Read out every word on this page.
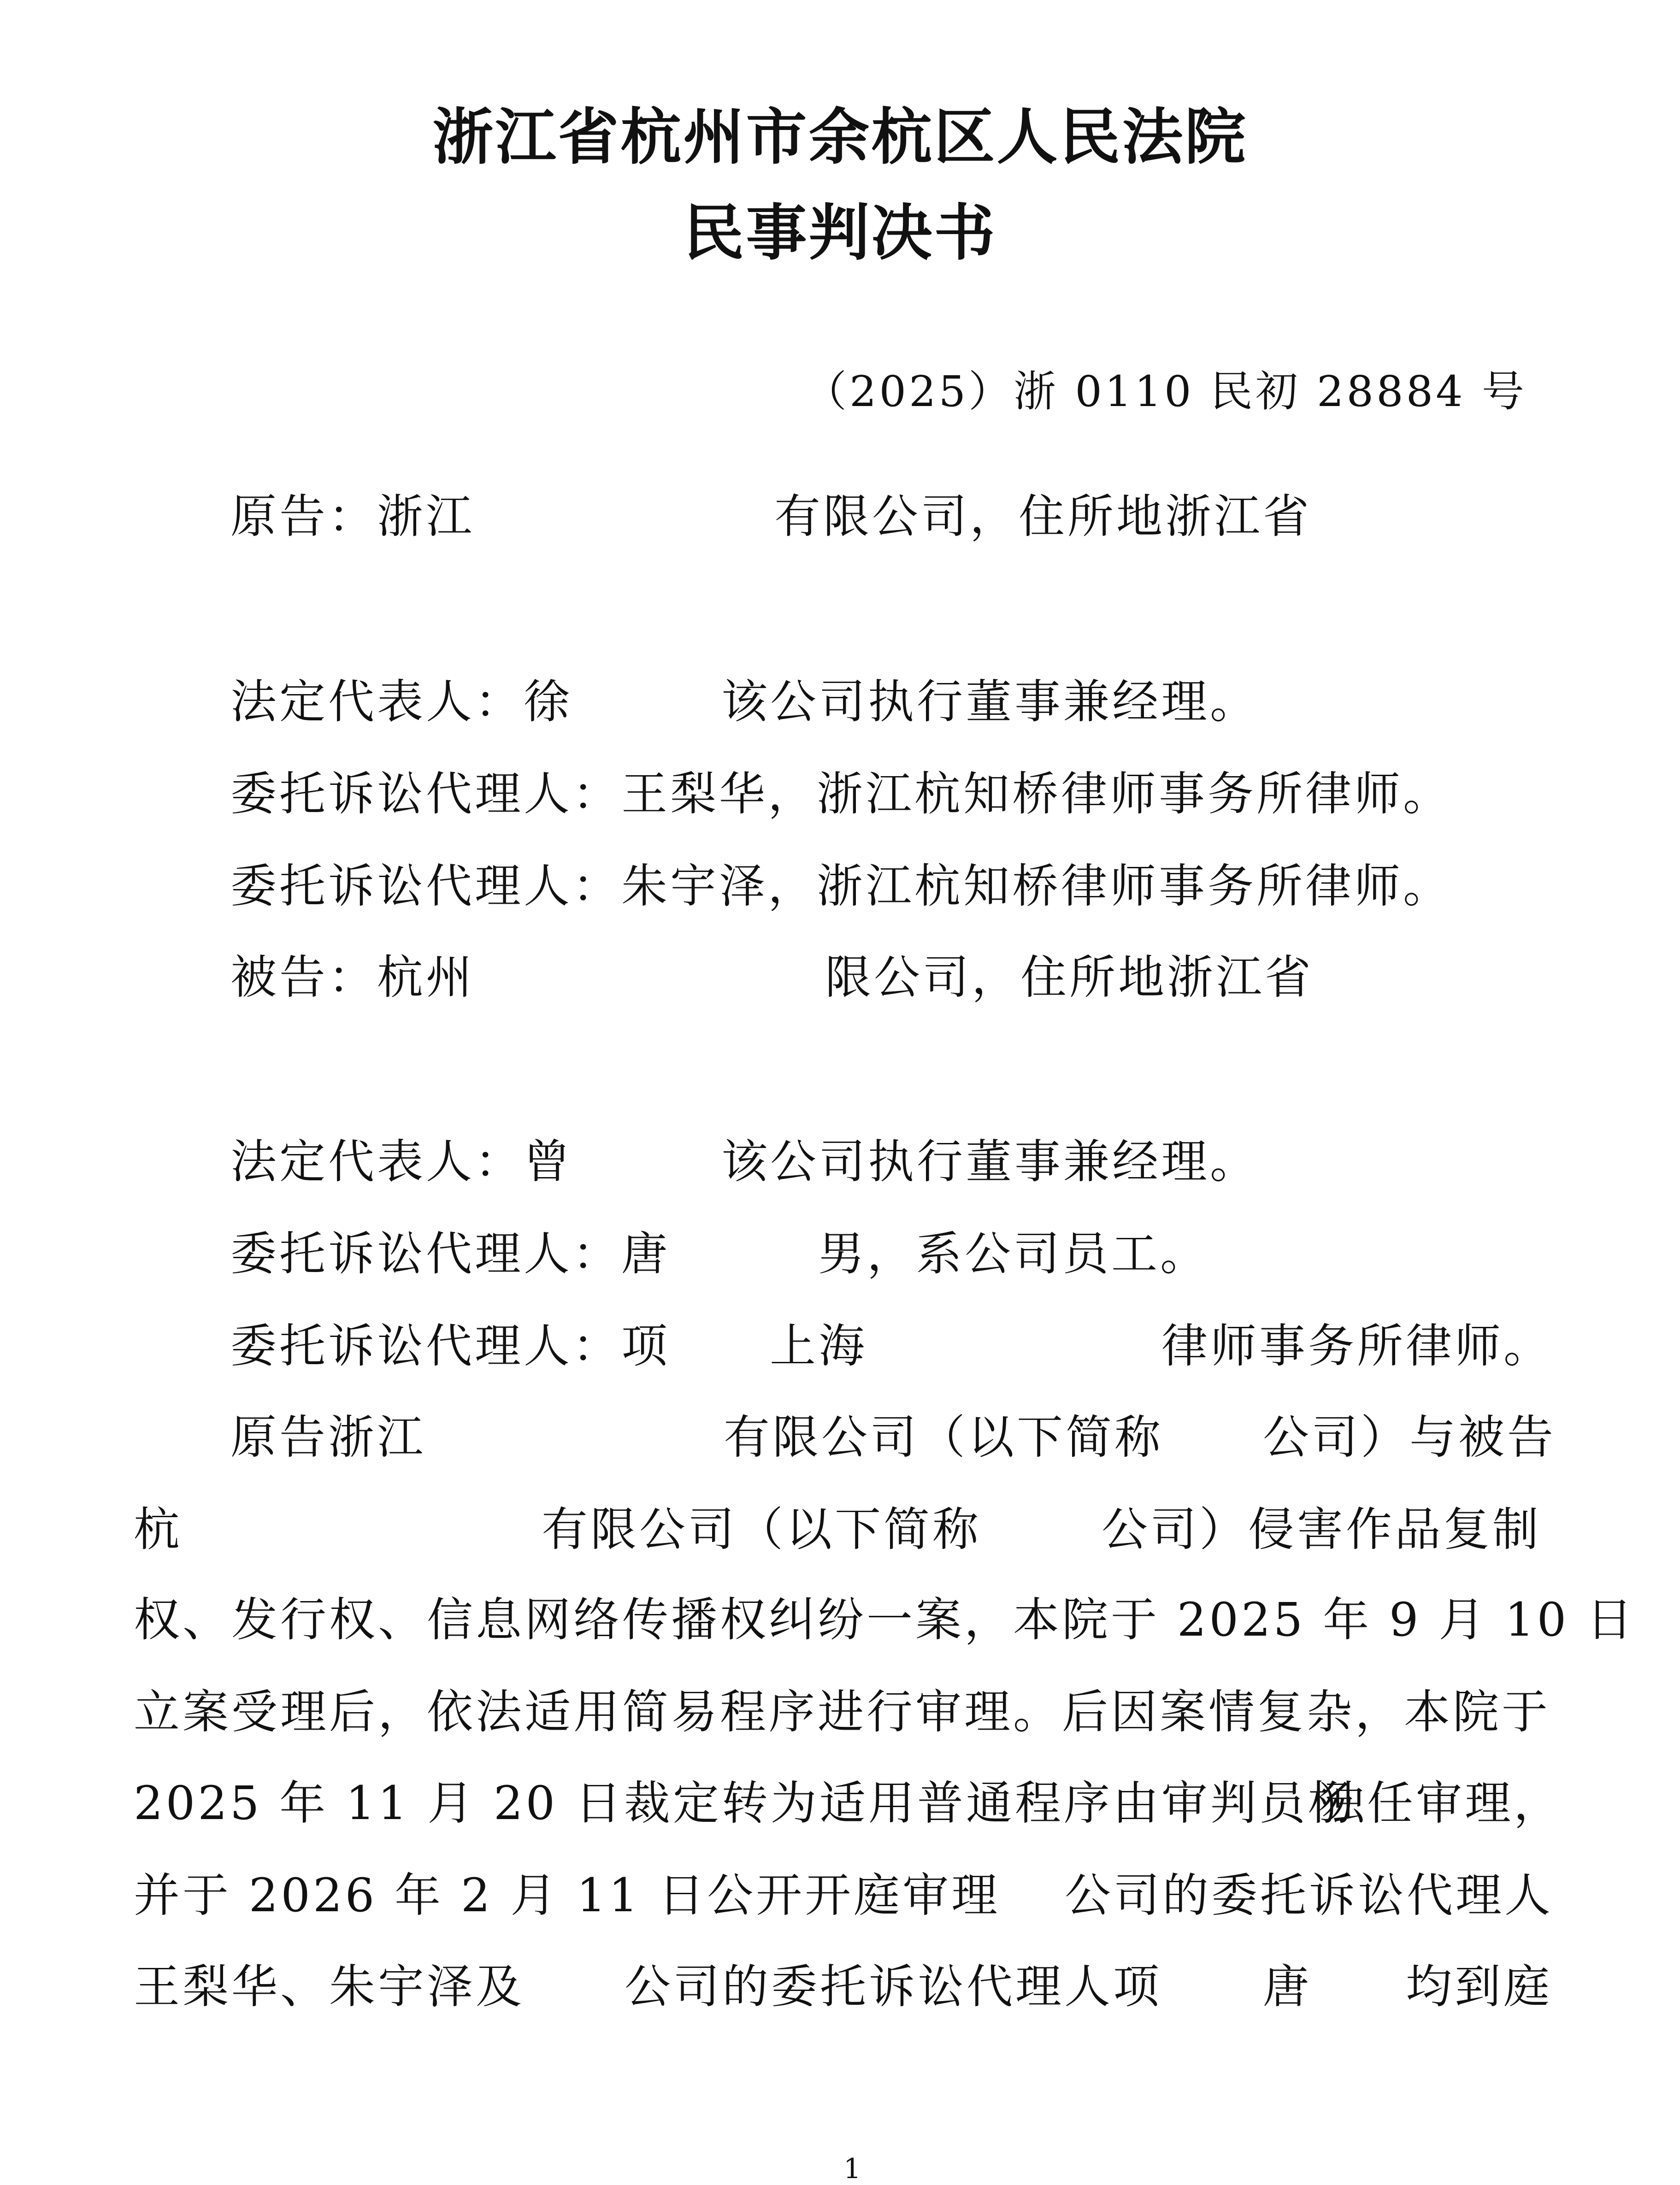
浙江省杭州市余杭区人民法院
民事判决书
（2025）浙 0110 民初 28884 号
原告：浙江	有限公司，住所地浙江省
法定代表人：徐	该公司执行董事兼经理。
委托诉讼代理人：王梨华，浙江杭知桥律师事务所律师。
委托诉讼代理人：朱宇泽，浙江杭知桥律师事务所律师。
被告：杭州	限公司，住所地浙江省
法定代表人：曾	该公司执行董事兼经理。
委托诉讼代理人：唐	男，系公司员工。
委托诉讼代理人：项 上海	律师事务所律师。
原告浙江	有限公司（以下简称 公司）与被告
杭	有限公司（以下简称	公司）侵害作品复制
权、发行权、信息网络传播权纠纷一案，本院于 2025 年 9 月 10 日
立案受理后，依法适用简易程序进行审理。后因案情复杂，本院于
2025 年 11 月 20 日裁定转为适用普通程序由审判员杨
独任审理，
并于 2026 年 2 月 11 日公开开庭审理 公司的委托诉讼代理人
王梨华、朱宇泽及 公司的委托诉讼代理人项 唐 均到庭
1
